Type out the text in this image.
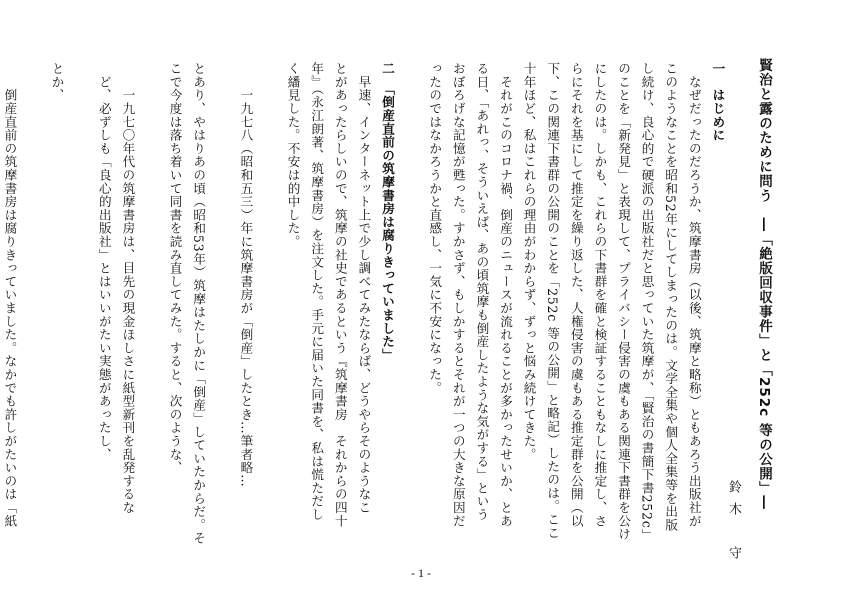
賢治と露のために問う　―「絶版回収事件」と「252c 等の公開」―
鈴木　守
一　はじめに
　なぜだったのだろうか、筑摩書房（以後、筑摩と略称）ともあろう出版社が
このようなことを昭和52年にしてしまったのは。文学全集や個人全集等を出版
し続け、良心的で硬派の出版社だと思っていた筑摩が、「賢治の書簡下書252c」
のことを「新発見」と表現して、プライバシー侵害の虞もある関連下書群を公け
にしたのは。しかも、これらの下書群を確と検証することもなしに推定し、さ
らにそれを基にして推定を繰り返した、人権侵害の虞もある推定群を公開（以
下、この関連下書群の公開のことを「252c 等の公開」と略記）したのは。ここ
十年ほど、私はこれらの理由がわからず、ずっと悩み続けてきた。
　それがこのコロナ禍、倒産のニュースが流れることが多かったせいか、とあ
る日、「あれっ、そういえば、あの頃筑摩も倒産したような気がする」という
おぼろげな記憶が甦った。すかさず、もしかするとそれが一つの大きな原因だ
ったのではなかろうかと直感し、一気に不安になった。
二　「倒産直前の筑摩書房は腐りきっていました」
　早速、インターネット上で少し調べてみたならば、どうやらそのようなこ
とがあったらしいので、筑摩の社史であるという『筑摩書房　それからの四十
年』（永江朗著、筑摩書房）を注文した。手元に届いた同書を、私は慌ただし
く繙見した。不安は的中した。
　　一九七八（昭和五三）年に筑摩書房が「倒産」したとき…筆者略…
とあり、やはりあの頃（昭和53年）筑摩はたしかに「倒産」していたからだ。そ
こで今度は落ち着いて同書を読み直してみた。すると、次のような、
　　一九七〇年代の筑摩書房は、目先の現金ほしさに紙型新刊を乱発するな
　ど、必ずしも「良心的出版社」とはいいがたい実態があったし、
とか、
　　倒産直前の筑摩書房は腐りきっていました。なかでも許しがたいのは「紙
- 1 -
